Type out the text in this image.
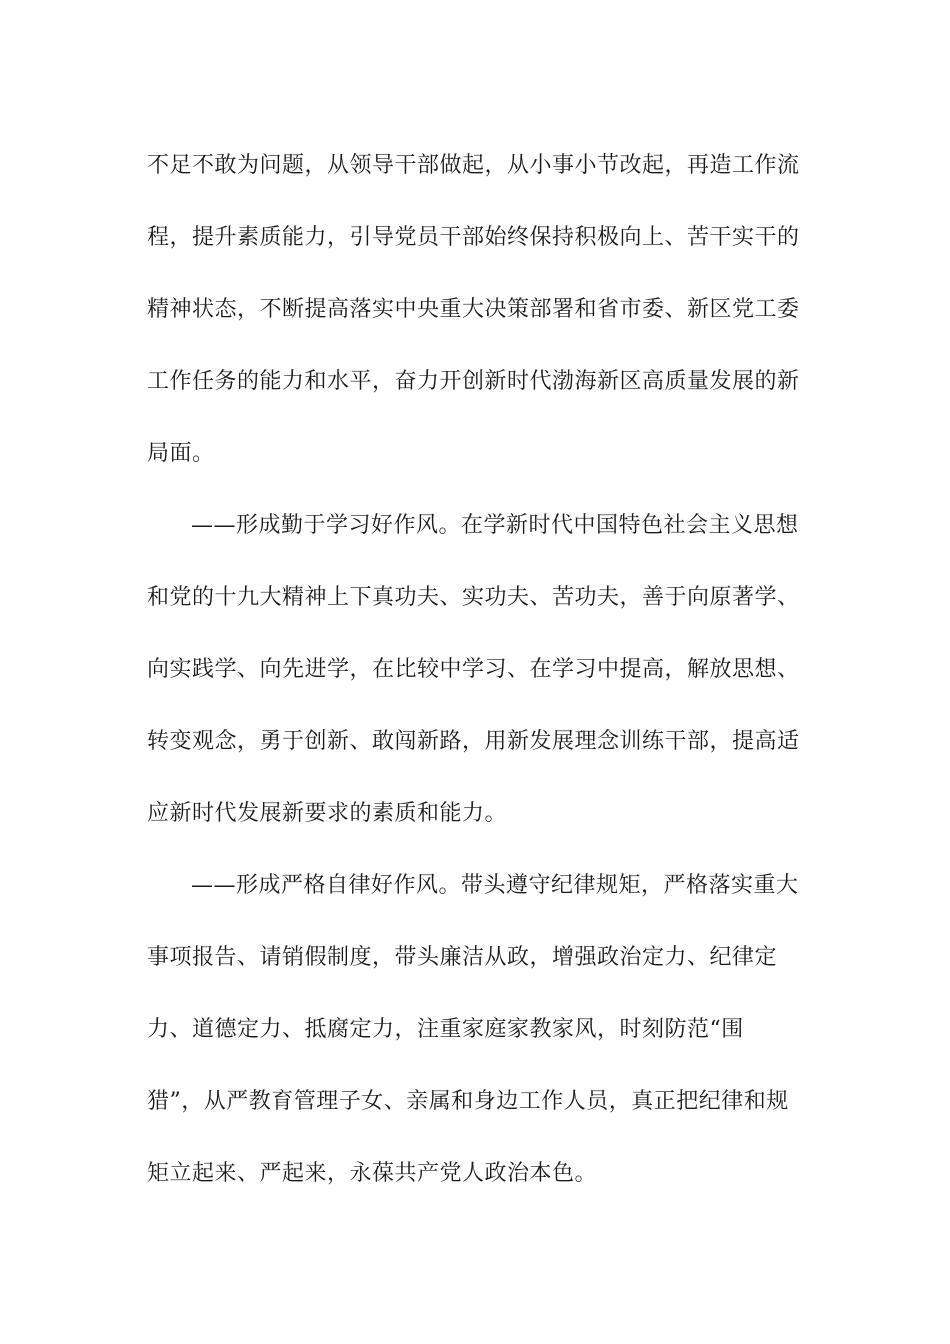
不足不敢为问题，从领导干部做起，从小事小节改起，再造工作流
程，提升素质能力，引导党员干部始终保持积极向上、苦干实干的
精神状态，不断提高落实中央重大决策部署和省市委、新区党工委
工作任务的能力和水平，奋力开创新时代渤海新区高质量发展的新
局面。
——形成勤于学习好作风。在学新时代中国特色社会主义思想
和党的十九大精神上下真功夫、实功夫、苦功夫，善于向原著学、
向实践学、向先进学，在比较中学习、在学习中提高，解放思想、
转变观念，勇于创新、敢闯新路，用新发展理念训练干部，提高适
应新时代发展新要求的素质和能力。
——形成严格自律好作风。带头遵守纪律规矩，严格落实重大
事项报告、请销假制度，带头廉洁从政，增强政治定力、纪律定
力、道德定力、抵腐定力，注重家庭家教家风，时刻防范“围
猎”，从严教育管理子女、亲属和身边工作人员，真正把纪律和规
矩立起来、严起来，永葆共产党人政治本色。
